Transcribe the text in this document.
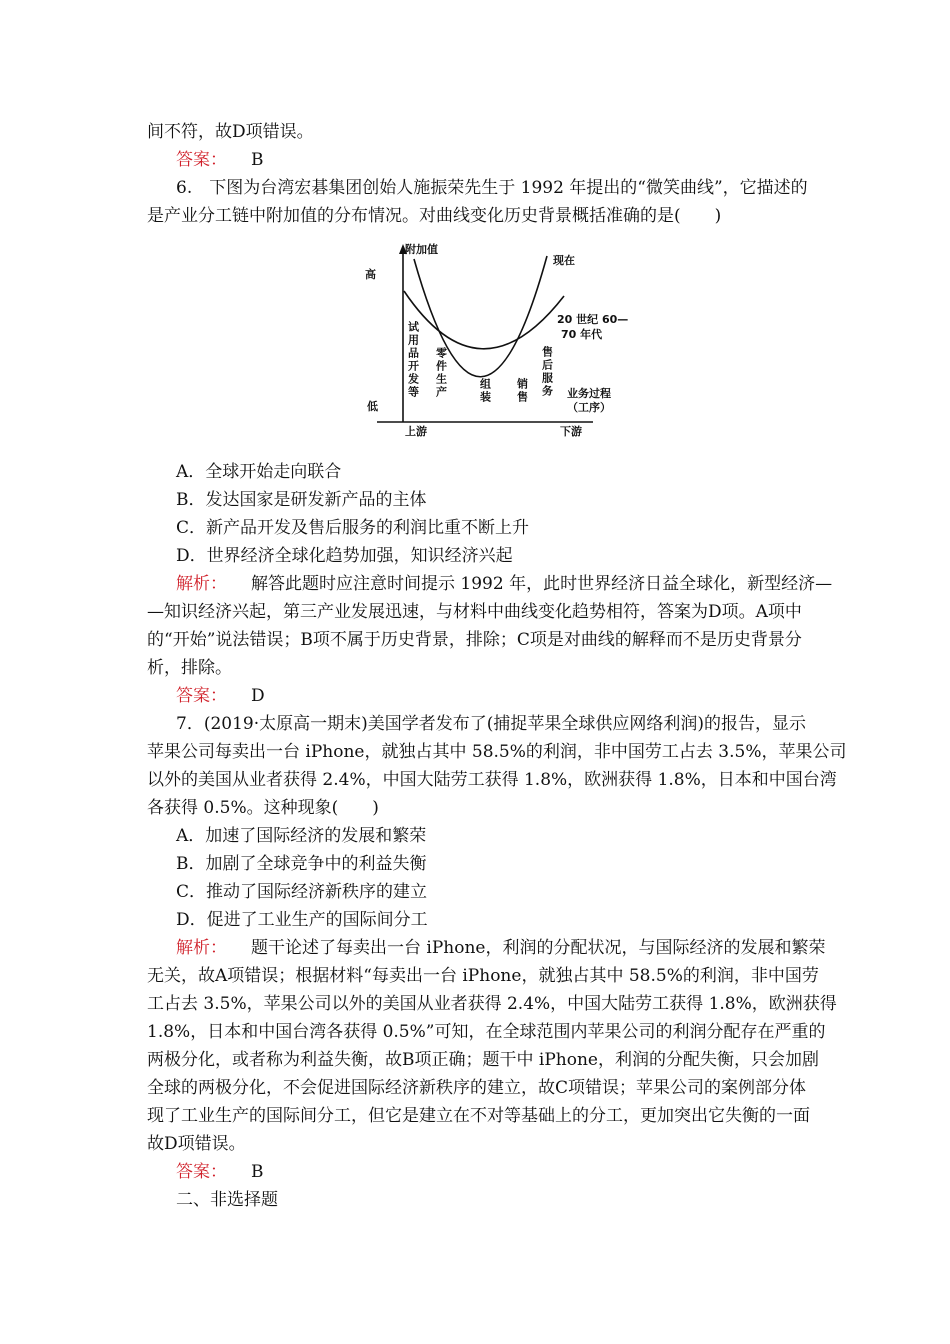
间不符，故D项错误。
答案： B
6.　下图为台湾宏碁集团创始人施振荣先生于 1992 年提出的“微笑曲线”，它描述的
是产业分工链中附加值的分布情况。对曲线变化历史背景概括准确的是(　　)
附加值
高
低
现在
20 世纪 60—
70 年代
上游	下游
业务过程
（工序）
试用品开发等 零件生产	组装 销售 售后服务
A．全球开始走向联合
B．发达国家是研发新产品的主体
C．新产品开发及售后服务的利润比重不断上升
D．世界经济全球化趋势加强，知识经济兴起
解析： 解答此题时应注意时间提示 1992 年，此时世界经济日益全球化，新型经济—
—知识经济兴起，第三产业发展迅速，与材料中曲线变化趋势相符，答案为D项。A项中
的“开始”说法错误；B项不属于历史背景，排除；C项是对曲线的解释而不是历史背景分
析，排除。
答案： D
7．(2019·太原高一期末)美国学者发布了(捕捉苹果全球供应网络利润)的报告，显示
苹果公司每卖出一台 iPhone，就独占其中 58.5%的利润，非中国劳工占去 3.5%，苹果公司
以外的美国从业者获得 2.4%，中国大陆劳工获得 1.8%，欧洲获得 1.8%，日本和中国台湾
各获得 0.5%。这种现象(　　)
A．加速了国际经济的发展和繁荣
B．加剧了全球竞争中的利益失衡
C．推动了国际经济新秩序的建立
D．促进了工业生产的国际间分工
解析： 题干论述了每卖出一台 iPhone，利润的分配状况，与国际经济的发展和繁荣
无关，故A项错误；根据材料“每卖出一台 iPhone，就独占其中 58.5%的利润，非中国劳
工占去 3.5%，苹果公司以外的美国从业者获得 2.4%，中国大陆劳工获得 1.8%，欧洲获得
1.8%，日本和中国台湾各获得 0.5%”可知，在全球范围内苹果公司的利润分配存在严重的
两极分化，或者称为利益失衡，故B项正确；题干中 iPhone，利润的分配失衡，只会加剧
全球的两极分化，不会促进国际经济新秩序的建立，故C项错误；苹果公司的案例部分体
现了工业生产的国际间分工，但它是建立在不对等基础上的分工，更加突出它失衡的一面
故D项错误。
答案： B
二、非选择题
